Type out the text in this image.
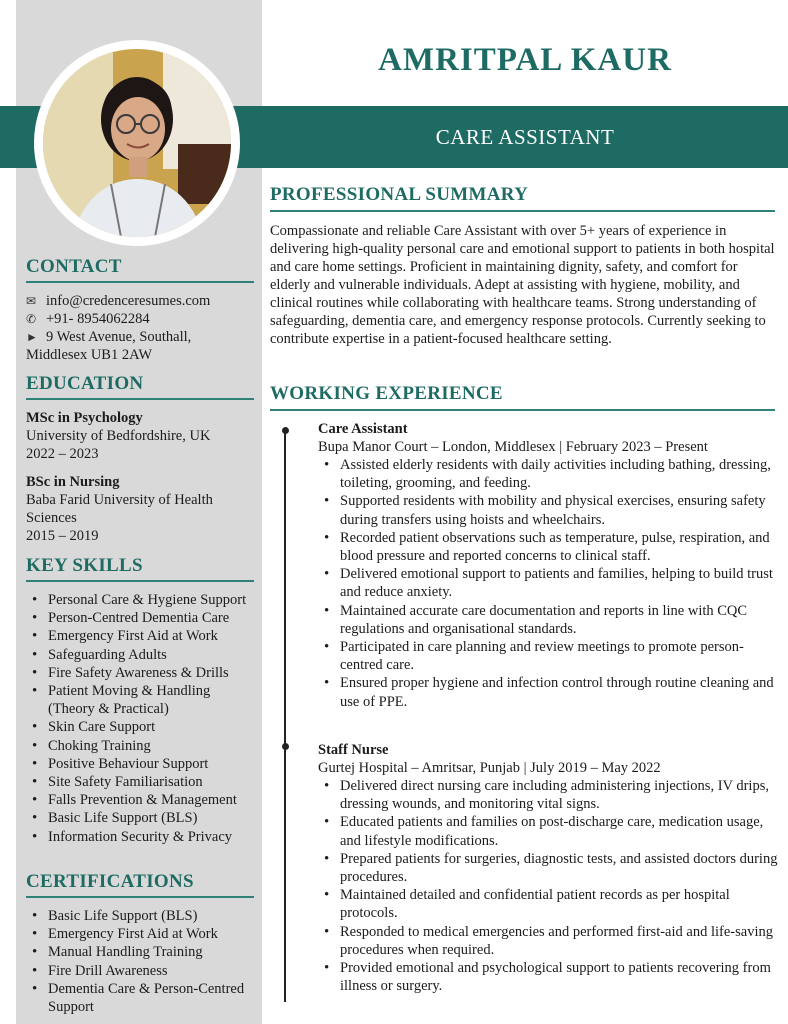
AMRITPAL KAUR
CARE ASSISTANT
CONTACT
✉ info@credenceresumes.com
✆ +91- 8954062284
► 9 West Avenue, Southall,
Middlesex UB1 2AW
EDUCATION
MSc in Psychology
University of Bedfordshire, UK
2022 – 2023
BSc in Nursing
Baba Farid University of Health Sciences
2015 – 2019
KEY SKILLS
• Personal Care & Hygiene Support
• Person-Centred Dementia Care
• Emergency First Aid at Work
• Safeguarding Adults
• Fire Safety Awareness & Drills
• Patient Moving & Handling (Theory & Practical)
• Skin Care Support
• Choking Training
• Positive Behaviour Support
• Site Safety Familiarisation
• Falls Prevention & Management
• Basic Life Support (BLS)
• Information Security & Privacy
CERTIFICATIONS
• Basic Life Support (BLS)
• Emergency First Aid at Work
• Manual Handling Training
• Fire Drill Awareness
• Dementia Care & Person-Centred Support
PROFESSIONAL SUMMARY
Compassionate and reliable Care Assistant with over 5+ years of experience in delivering high-quality personal care and emotional support to patients in both hospital and care home settings. Proficient in maintaining dignity, safety, and comfort for elderly and vulnerable individuals. Adept at assisting with hygiene, mobility, and clinical routines while collaborating with healthcare teams. Strong understanding of safeguarding, dementia care, and emergency response protocols. Currently seeking to contribute expertise in a patient-focused healthcare setting.
WORKING EXPERIENCE
Care Assistant
Bupa Manor Court – London, Middlesex | February 2023 – Present
• Assisted elderly residents with daily activities including bathing, dressing, toileting, grooming, and feeding.
• Supported residents with mobility and physical exercises, ensuring safety during transfers using hoists and wheelchairs.
• Recorded patient observations such as temperature, pulse, respiration, and blood pressure and reported concerns to clinical staff.
• Delivered emotional support to patients and families, helping to build trust and reduce anxiety.
• Maintained accurate care documentation and reports in line with CQC regulations and organisational standards.
• Participated in care planning and review meetings to promote person-centred care.
• Ensured proper hygiene and infection control through routine cleaning and use of PPE.
Staff Nurse
Gurtej Hospital – Amritsar, Punjab | July 2019 – May 2022
• Delivered direct nursing care including administering injections, IV drips, dressing wounds, and monitoring vital signs.
• Educated patients and families on post-discharge care, medication usage, and lifestyle modifications.
• Prepared patients for surgeries, diagnostic tests, and assisted doctors during procedures.
• Maintained detailed and confidential patient records as per hospital protocols.
• Responded to medical emergencies and performed first-aid and life-saving procedures when required.
• Provided emotional and psychological support to patients recovering from illness or surgery.
